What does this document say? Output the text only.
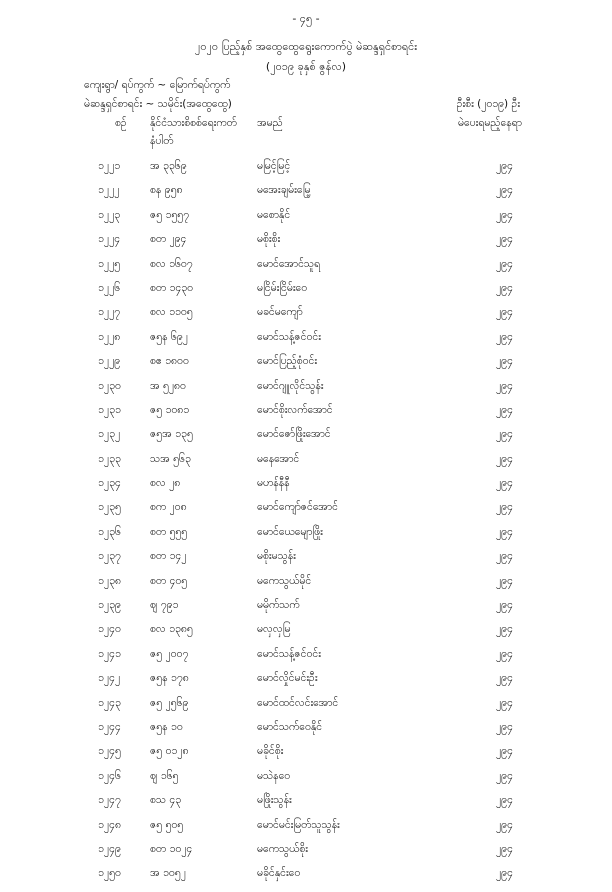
- ၄၅ -
၂၀၂၀ ပြည့်နှစ် အထွေထွေရွေးကောက်ပွဲ မဲဆန္ဒရှင်စာရင်း
(၂၀၁၉ ခုနှစ် ဇွန်လ)
ကျေးရွာ/ ရပ်ကွက် ~ မြောက်ရပ်ကွက်
မဲဆန္ဒရှင်စာရင်း ~ သမိုင်း(အထွေထွေ)	ဦးစီး (၂၀၁၉) ဦး
စဉ် နိုင်ငံသားစိစစ်ရေးကတ်
နံပါတ်
အမည်	မဲပေးရမည့်နေရာ
၁၂၂၁	အ ၃၃၆၉	မမြင့်မြင့်	၂၉၄
၁၂၂၂	စန ၉၅၈	မအေးချမ်းမြေ့	၂၉၄
၁၂၂၃	ဇ၅ ၁၅၅၇	မစောနိုင်	၂၉၄
၁၂၂၄	စတ ၂၉၄	မစိုးစိုး	၂၉၄
၁၂၂၅	စလ ၁၆၀၇	မောင်အောင်သူရ	၂၉၄
၁၂၂၆	စတ ၁၄၃၀	မငြိမ်းငြိမ်းဝေ	၂၉၄
၁၂၂၇	စလ ၁၁၀၅	မခင်မကျော်	၂၉၄
၁၂၂၈	ဇ၅န ၆၉၂	မောင်သန့်ဇင်ဝင်း	၂၉၄
၁၂၂၉	စဧ ၁၈၀၀	မောင်ပြည့်စုံဝင်း	၂၉၄
၁၂၃၀	အ ၅၂၈၀	မောင်ဂျူလိုင်သွန်း	၂၉၄
၁၂၃၁	ဇ၅ ၁၀၈၁	မောင်စိုးလက်အောင်	၂၉၄
၁၂၃၂	ဇ၅အ ၁၃၅	မောင်ဇော်ဖြိုးအောင်	၂၉၄
၁၂၃၃	သအ ၅၆၃	မနေအောင်	၂၉၄
၁၂၃၄	စလ ၂၈	မဟန်နီနီ	၂၉၄
၁၂၃၅	စက ၂၀၈	မောင်ကျော်ဇင်အောင်	၂၉၄
၁၂၃၆	စတ ၅၅၅	မောင်ယေမျောဖြိုး	၂၉၄
၁၂၃၇	စတ ၁၄၂	မစိုးမသွန်း	၂၉၄
၁၂၃၈	စတ ၄၀၅	မကေသွယ်မိုင်	၂၉၄
၁၂၃၉	ဈ ၇၉၁	မမိုက်သက်	၂၉၄
၁၂၄၀	စလ ၁၃၈၅	မလှလှမြ	၂၉၄
၁၂၄၁	ဇ၅ ၂၀၀၇	မောင်သန့်ဇင်ဝင်း	၂၉၄
၁၂၄၂	ဇ၅န ၁၇၈	မောင်လှိုင်မင်းဦး	၂၉၄
၁၂၄၃	ဇ၅ ၂၅၆၉	မောင်ထင်လင်းအောင်	၂၉၄
၁၂၄၄	ဇ၅န ၁၀	မောင်သက်ဝေနိုင်	၂၉၄
၁၂၄၅	ဇ၅ ၀၁၂၈	မခိုင်စိုး	၂၉၄
၁၂၄၆	ဈ ၁၆၅	မသဲနဝေ	၂၉၄
၁၂၄၇	စသ ၄၃	မဖြိုးသွန်း	၂၉၄
၁၂၄၈	ဇ၅ ၅၀၅	မောင်မင်းမြတ်သူသွန်း	၂၉၄
၁၂၄၉	စတ ၁၀၂၄	မကေသွယ်စိုး	၂၉၄
၁၂၅၀	အ ၁၀၅၂	မခိုင်နှင်းဝေ	၂၉၄
